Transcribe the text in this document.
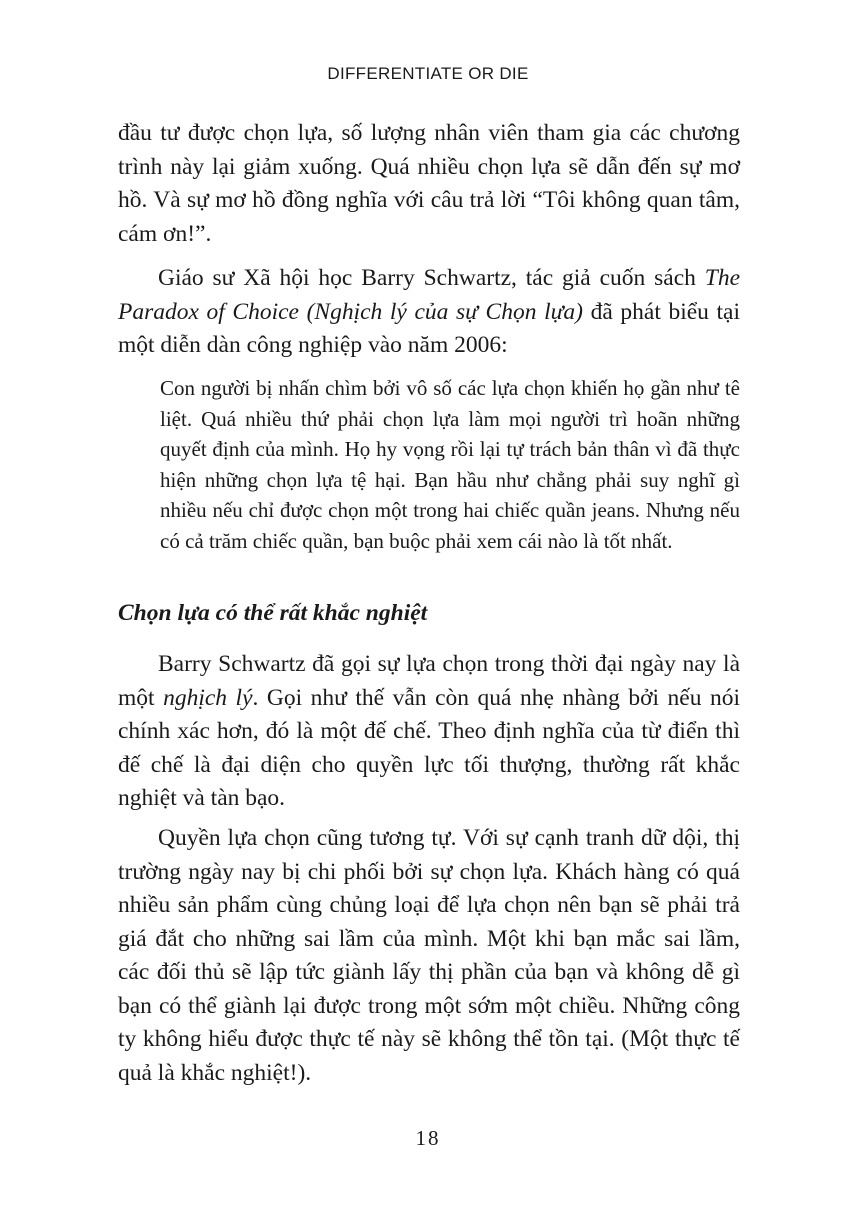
DIFFERENTIATE OR DIE

đầu tư được chọn lựa, số lượng nhân viên tham gia các chương trình này lại giảm xuống. Quá nhiều chọn lựa sẽ dẫn đến sự mơ hồ. Và sự mơ hồ đồng nghĩa với câu trả lời “Tôi không quan tâm, cám ơn!”.

Giáo sư Xã hội học Barry Schwartz, tác giả cuốn sách The Paradox of Choice (Nghịch lý của sự Chọn lựa) đã phát biểu tại một diễn dàn công nghiệp vào năm 2006:

Con người bị nhấn chìm bởi vô số các lựa chọn khiến họ gần như tê liệt. Quá nhiều thứ phải chọn lựa làm mọi người trì hoãn những quyết định của mình. Họ hy vọng rồi lại tự trách bản thân vì đã thực hiện những chọn lựa tệ hại. Bạn hầu như chẳng phải suy nghĩ gì nhiều nếu chỉ được chọn một trong hai chiếc quần jeans. Nhưng nếu có cả trăm chiếc quần, bạn buộc phải xem cái nào là tốt nhất.

Chọn lựa có thể rất khắc nghiệt

Barry Schwartz đã gọi sự lựa chọn trong thời đại ngày nay là một nghịch lý. Gọi như thế vẫn còn quá nhẹ nhàng bởi nếu nói chính xác hơn, đó là một đế chế. Theo định nghĩa của từ điển thì đế chế là đại diện cho quyền lực tối thượng, thường rất khắc nghiệt và tàn bạo.

Quyền lựa chọn cũng tương tự. Với sự cạnh tranh dữ dội, thị trường ngày nay bị chi phối bởi sự chọn lựa. Khách hàng có quá nhiều sản phẩm cùng chủng loại để lựa chọn nên bạn sẽ phải trả giá đắt cho những sai lầm của mình. Một khi bạn mắc sai lầm, các đối thủ sẽ lập tức giành lấy thị phần của bạn và không dễ gì bạn có thể giành lại được trong một sớm một chiều. Những công ty không hiểu được thực tế này sẽ không thể tồn tại. (Một thực tế quả là khắc nghiệt!).

18
